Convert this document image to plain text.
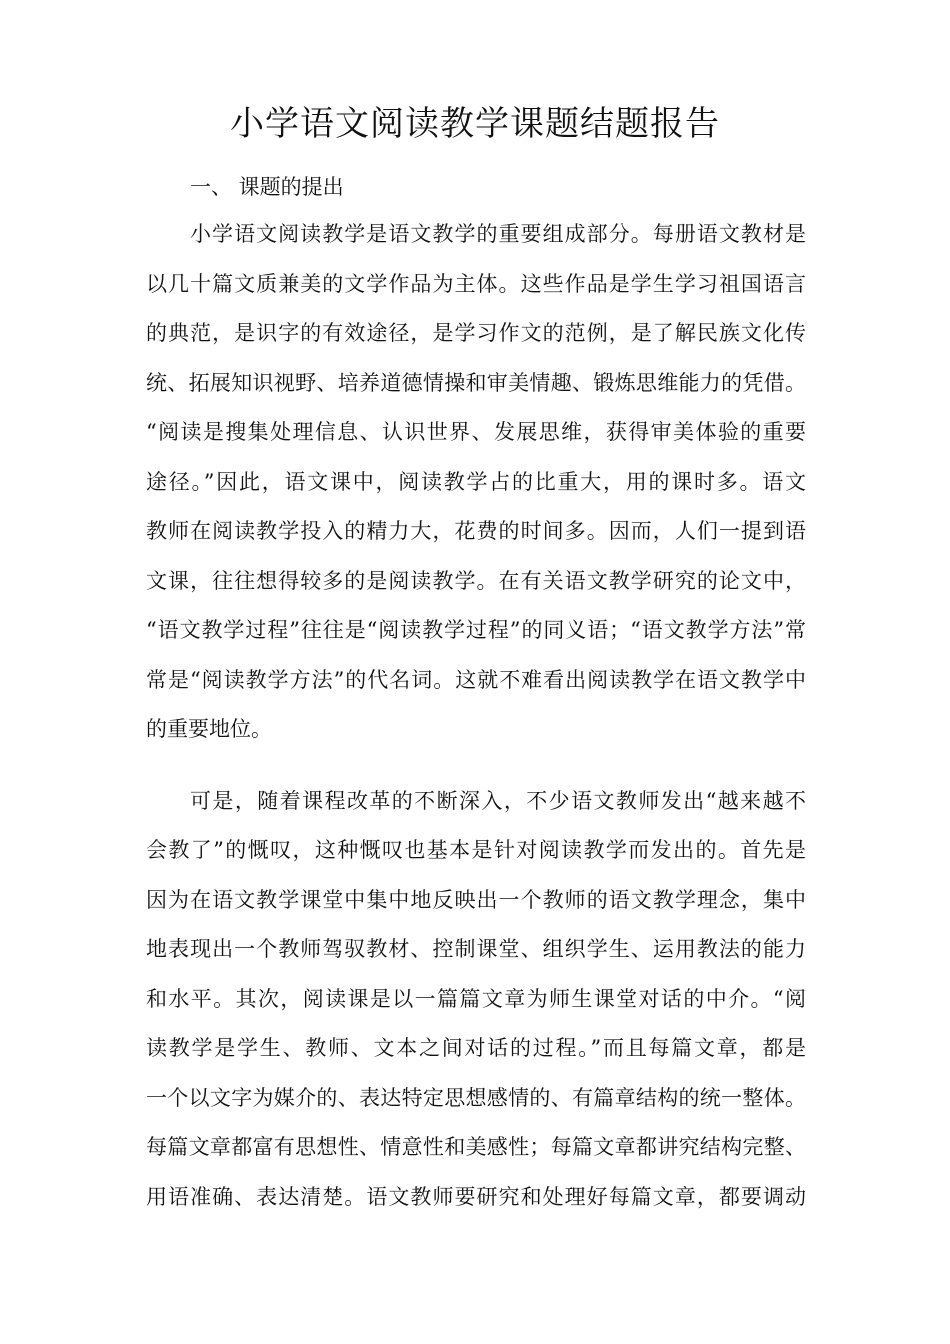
小学语文阅读教学课题结题报告
一、 课题的提出
小学语文阅读教学是语文教学的重要组成部分。每册语文教材是
以几十篇文质兼美的文学作品为主体。这些作品是学生学习祖国语言
的典范，是识字的有效途径，是学习作文的范例，是了解民族文化传
统、拓展知识视野、培养道德情操和审美情趣、锻炼思维能力的凭借。
“阅读是搜集处理信息、认识世界、发展思维，获得审美体验的重要
途径。”因此，语文课中，阅读教学占的比重大，用的课时多。语文
教师在阅读教学投入的精力大，花费的时间多。因而，人们一提到语
文课，往往想得较多的是阅读教学。在有关语文教学研究的论文中，
“语文教学过程”往往是“阅读教学过程”的同义语；“语文教学方法”常
常是“阅读教学方法”的代名词。这就不难看出阅读教学在语文教学中
的重要地位。
可是，随着课程改革的不断深入，不少语文教师发出“越来越不
会教了”的慨叹，这种慨叹也基本是针对阅读教学而发出的。首先是
因为在语文教学课堂中集中地反映出一个教师的语文教学理念，集中
地表现出一个教师驾驭教材、控制课堂、组织学生、运用教法的能力
和水平。其次，阅读课是以一篇篇文章为师生课堂对话的中介。“阅
读教学是学生、教师、文本之间对话的过程。”而且每篇文章，都是
一个以文字为媒介的、表达特定思想感情的、有篇章结构的统一整体。
每篇文章都富有思想性、情意性和美感性；每篇文章都讲究结构完整、
用语准确、表达清楚。语文教师要研究和处理好每篇文章，都要调动
